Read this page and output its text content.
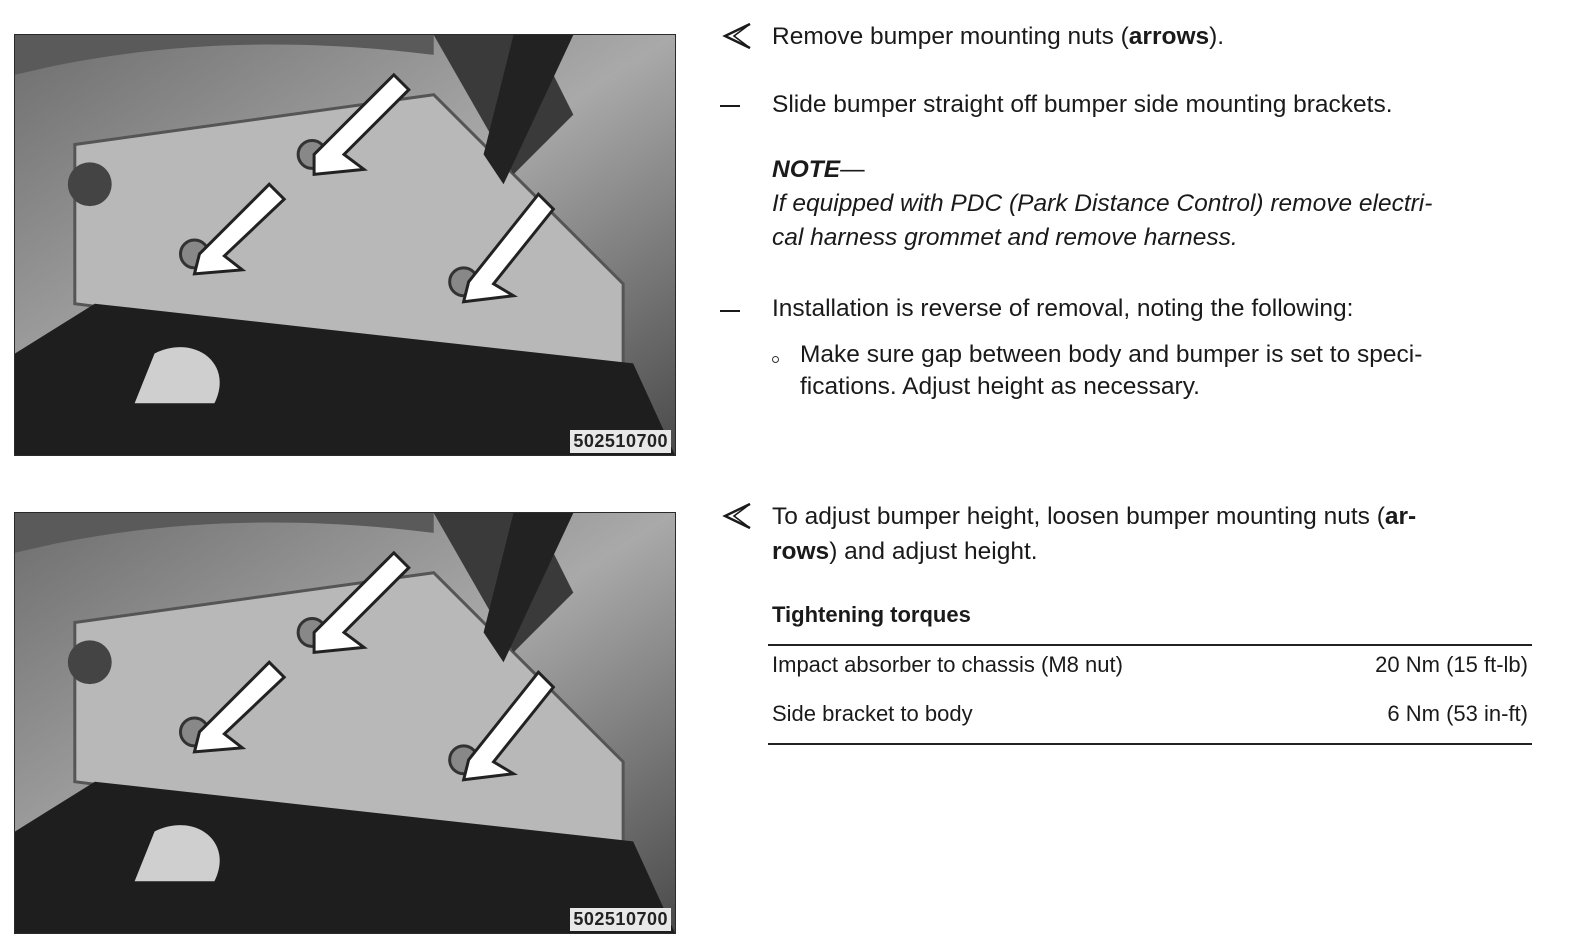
502510700
502510700
Remove bumper mounting nuts (arrows).
Slide bumper straight off bumper side mounting brackets.
NOTE—
If equipped with PDC (Park Distance Control) remove electri-
cal harness grommet and remove harness.
Installation is reverse of removal, noting the following:
Make sure gap between body and bumper is set to speci-
fications. Adjust height as necessary.
To adjust bumper height, loosen bumper mounting nuts (ar-
rows) and adjust height.
Tightening torques
Impact absorber to chassis (M8 nut)	20 Nm (15 ft-lb)
Side bracket to body	6 Nm (53 in-ft)
